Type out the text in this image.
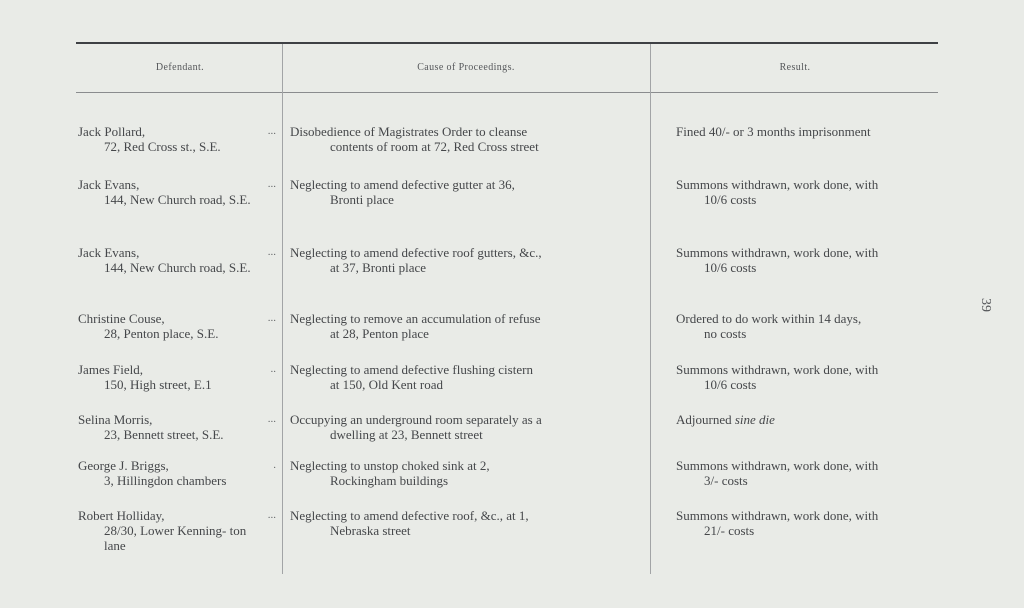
Defendant.	Cause of Proceedings.	Result.
Jack Pollard,
72, Red Cross st., S.E.
... Disobedience of Magistrates Order to cleanse
contents of room at 72, Red Cross street
Fined 40/- or 3 months imprisonment
Jack Evans,
144, New Church road, S.E.
... Neglecting to amend defective gutter at 36,
Bronti place
Summons withdrawn, work done, with
10/6 costs
Jack Evans,
144, New Church road, S.E.
... Neglecting to amend defective roof gutters, &c.,
at 37, Bronti place
Summons withdrawn, work done, with
10/6 costs
Christine Couse,
28, Penton place, S.E.
... Neglecting to remove an accumulation of refuse
at 28, Penton place
Ordered to do work within 14 days,
no costs
James Field,
150, High street, E.1
.. Neglecting to amend defective flushing cistern
at 150, Old Kent road
Summons withdrawn, work done, with
10/6 costs
Selina Morris,
23, Bennett street, S.E.
... Occupying an underground room separately as a
dwelling at 23, Bennett street
Adjourned sine die
George J. Briggs,
3, Hillingdon chambers
. Neglecting to unstop choked sink at 2,
Rockingham buildings
Summons withdrawn, work done, with
3/- costs
Robert Holliday,
28/30, Lower Kenning- ton lane
... Neglecting to amend defective roof, &c., at 1,
Nebraska street
Summons withdrawn, work done, with
21/- costs
39
